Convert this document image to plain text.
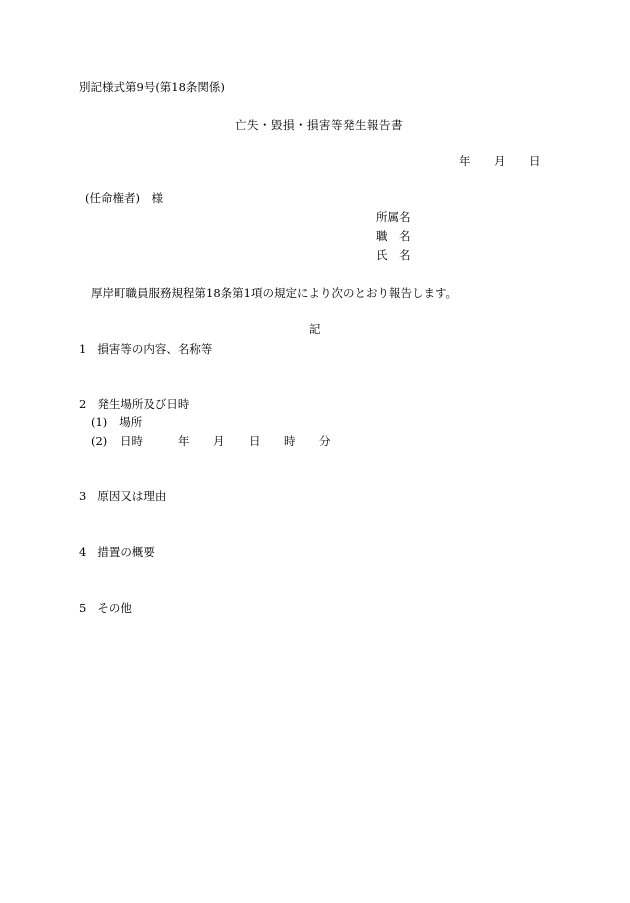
別記様式第9号(第18条関係)
亡失・毀損・損害等発生報告書
年 月 日
(任命権者)　様
所属名
職　名
氏　名
厚岸町職員服務規程第18条第1項の規定により次のとおり報告します。
記
1 損害等の内容、名称等
2 発生場所及び日時
(1) 場所
(2) 日時	年 月 日 時 分
3 原因又は理由
4 措置の概要
5 その他
